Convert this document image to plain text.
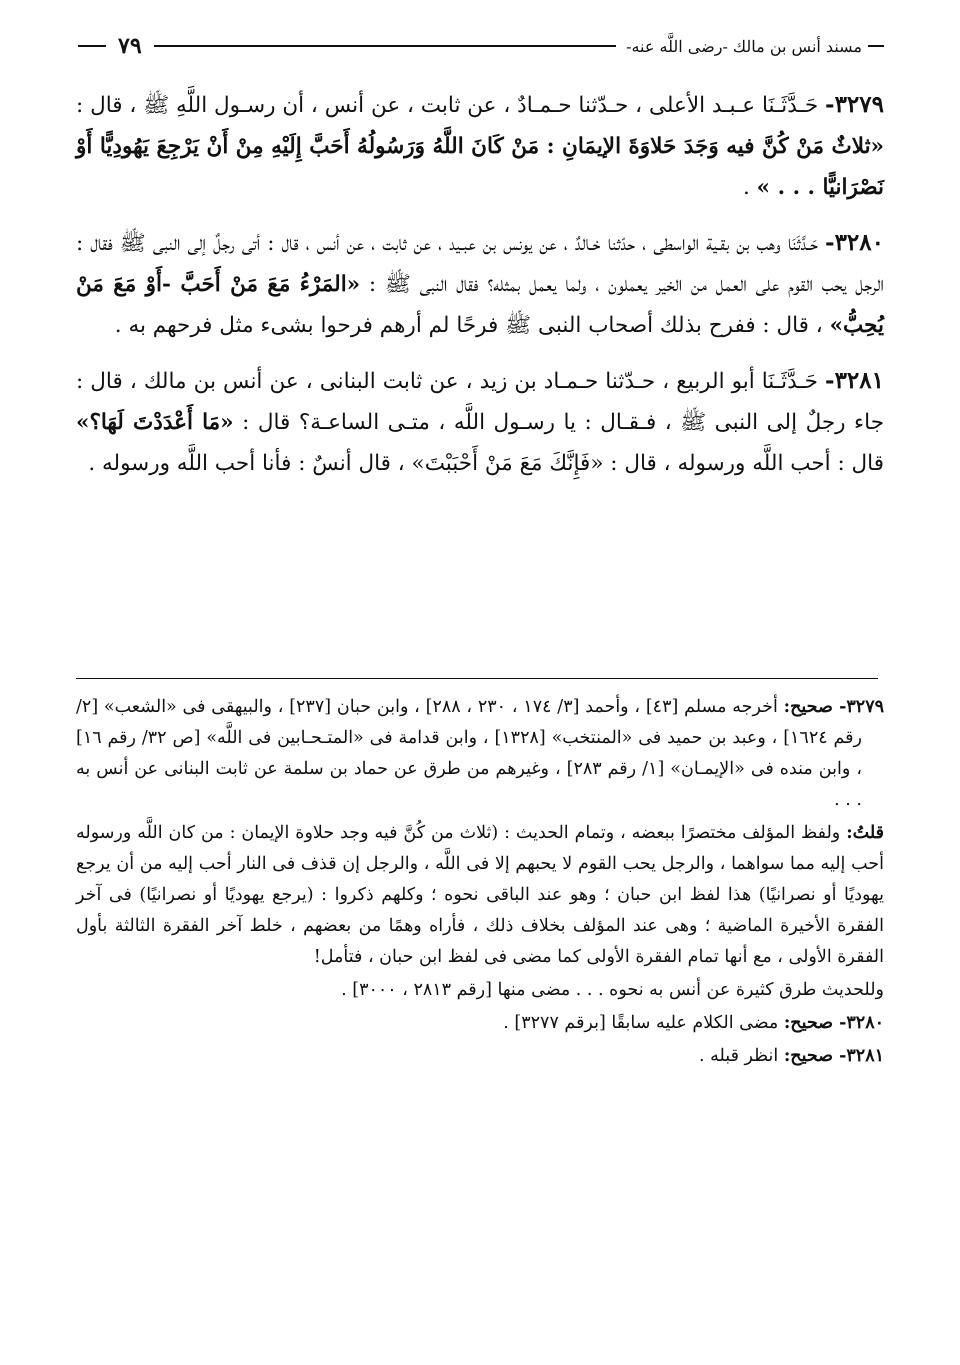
مسند أنس بن مالك -رضى اللَّه عنه-
٧٩

٣٢٧٩- حَـدَّثَـنَا عـبـد الأعلى ، حـدّثنا حـمـادٌ ، عن ثابت ، عن أنس ، أن رسـول اللَّهِ ﷺ ، قال : «ثلاثٌ مَنْ كُنَّ فيه وَجَدَ حَلاوَةَ الإيمَانِ : مَنْ كَانَ اللَّهُ وَرَسُولُهُ أَحَبَّ إِلَيْهِ مِنْ أَنْ يَرْجِعَ يَهُودِيًّا أَوْ نَصْرَانيًّا . . . » .

٣٢٨٠- حَـدَّثَنَا وهب بن بقـية الواسطى ، حدّثنا خـالدٌ ، عن يونس بن عبـيد ، عن ثابت ، عن أنس ، قال : أتى رجلٌ إلى النبى ﷺ فقال : الرجل يحب القوم على العمل من الخير يعملون ، ولما يعمل بمثله؟ فقال النبى ﷺ : «المَرْءُ مَعَ مَنْ أَحَبَّ -أَوْ مَعَ مَنْ يُحِبُّ» ، قال : ففرح بذلك أصحاب النبى ﷺ فرحًا لم أرهم فرحوا بشىء مثل فرحهم به .

٣٢٨١- حَـدَّثَـنَا أبو الربيع ، حـدّثنا حـمـاد بن زيد ، عن ثابت البنانى ، عن أنس بن مالك ، قال : جاء رجلٌ إلى النبى ﷺ ، فـقـال : يا رسـول اللَّه ، متـى الساعـة؟ قال : «مَا أَعْدَدْتَ لَهَا؟» قال : أحب اللَّه ورسوله ، قال : «فَإِنَّكَ مَعَ مَنْ أَحْبَبْتَ» ، قال أنسٌ : فأنا أحب اللَّه ورسوله .

٣٢٧٩- صحيح: أخرجه مسلم [٤٣] ، وأحمد [٣/ ١٧٤ ، ٢٣٠ ، ٢٨٨] ، وابن حبان [٢٣٧] ، والبيهقى فى «الشعب» [٢/ رقم ١٦٢٤] ، وعبد بن حميد فى «المنتخب» [١٣٢٨] ، وابن قدامة فى «المتـحـابين فى اللَّه» [ص ٣٢/ رقم ١٦] ، وابن منده فى «الإيمـان» [١/ رقم ٢٨٣] ، وغيرهم من طرق عن حماد بن سلمة عن ثابت البنانى عن أنس به . . .

قلتُ: ولفظ المؤلف مختصرًا ببعضه ، وتمام الحديث : (ثلاث من كُنَّ فيه وجد حلاوة الإيمان : من كان اللَّه ورسوله أحب إليه مما سواهما ، والرجل يحب القوم لا يحبهم إلا فى اللَّه ، والرجل إن قذف فى النار أحب إليه من أن يرجع يهوديًا أو نصرانيًا) هذا لفظ ابن حبان ؛ وهو عند الباقى نحوه ؛ وكلهم ذكروا : (يرجع يهوديًا أو نصرانيًا) فى آخر الفقرة الأخيرة الماضية ؛ وهى عند المؤلف بخلاف ذلك ، فأراه وهمًا من بعضهم ، خلط آخر الفقرة الثالثة بأول الفقرة الأولى ، مع أنها تمام الفقرة الأولى كما مضى فى لفظ ابن حبان ، فتأمل!

وللحديث طرق كثيرة عن أنس به نحوه . . . مضى منها [رقم ٢٨١٣ ، ٣٠٠٠] .

٣٢٨٠- صحيح: مضى الكلام عليه سابقًا [برقم ٣٢٧٧] .

٣٢٨١- صحيح: انظر قبله .
